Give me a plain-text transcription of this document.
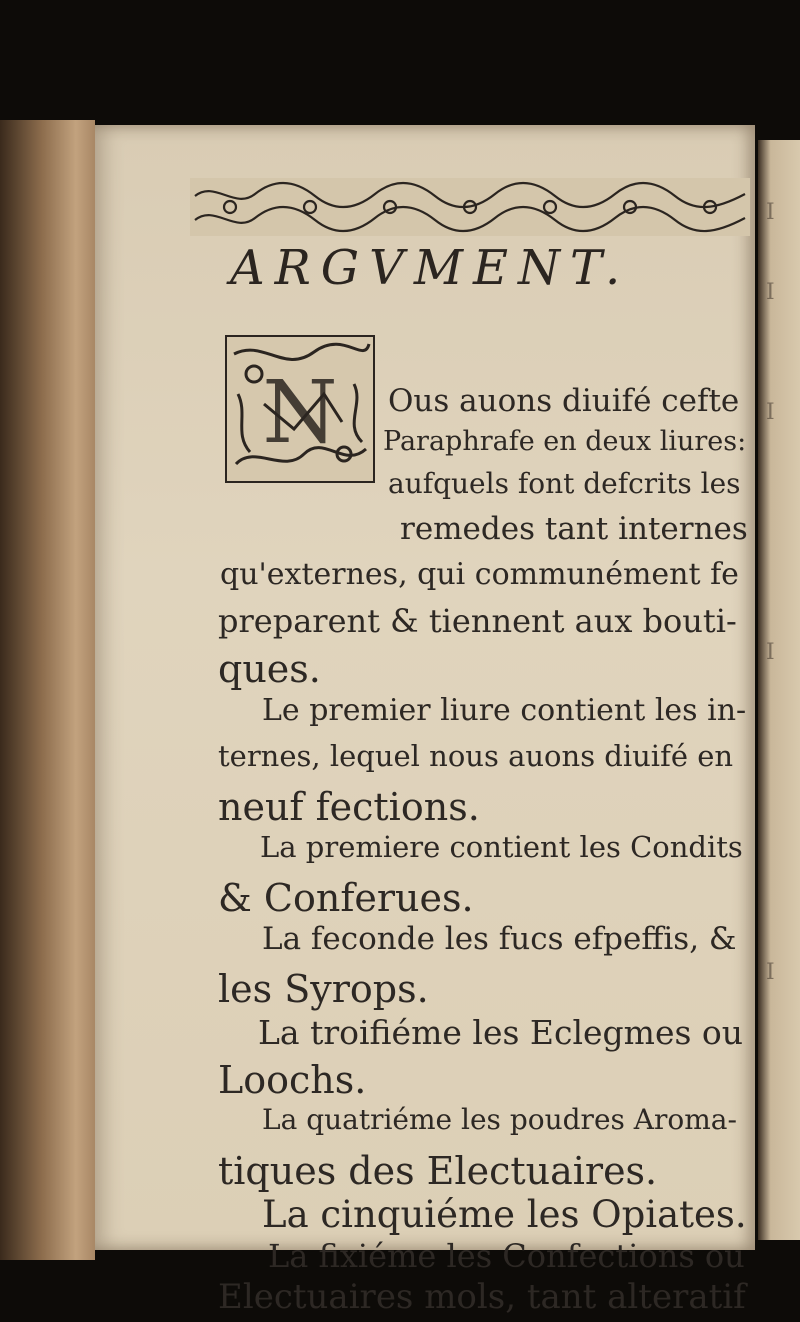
I
I
I
I
I
ARGVMENT.
N Ous auons diuifé cefte

Paraphrafe en deux liures:

aufquels font defcrits les

remedes tant internes

qu'externes, qui communément fe

preparent & tiennent aux bouti-

ques.

Le premier liure contient les in-

ternes, lequel nous auons diuifé en

neuf fections.

La premiere contient les Condits

& Conferues.

La feconde les fucs efpeffis, &

les Syrops.

La troifiéme les Eclegmes ou

Loochs.

La quatriéme les poudres Aroma-

tiques des Electuaires.

La cinquiéme les Opiates.

La fixiéme les Confections ou

Electuaires mols, tant alteratif
